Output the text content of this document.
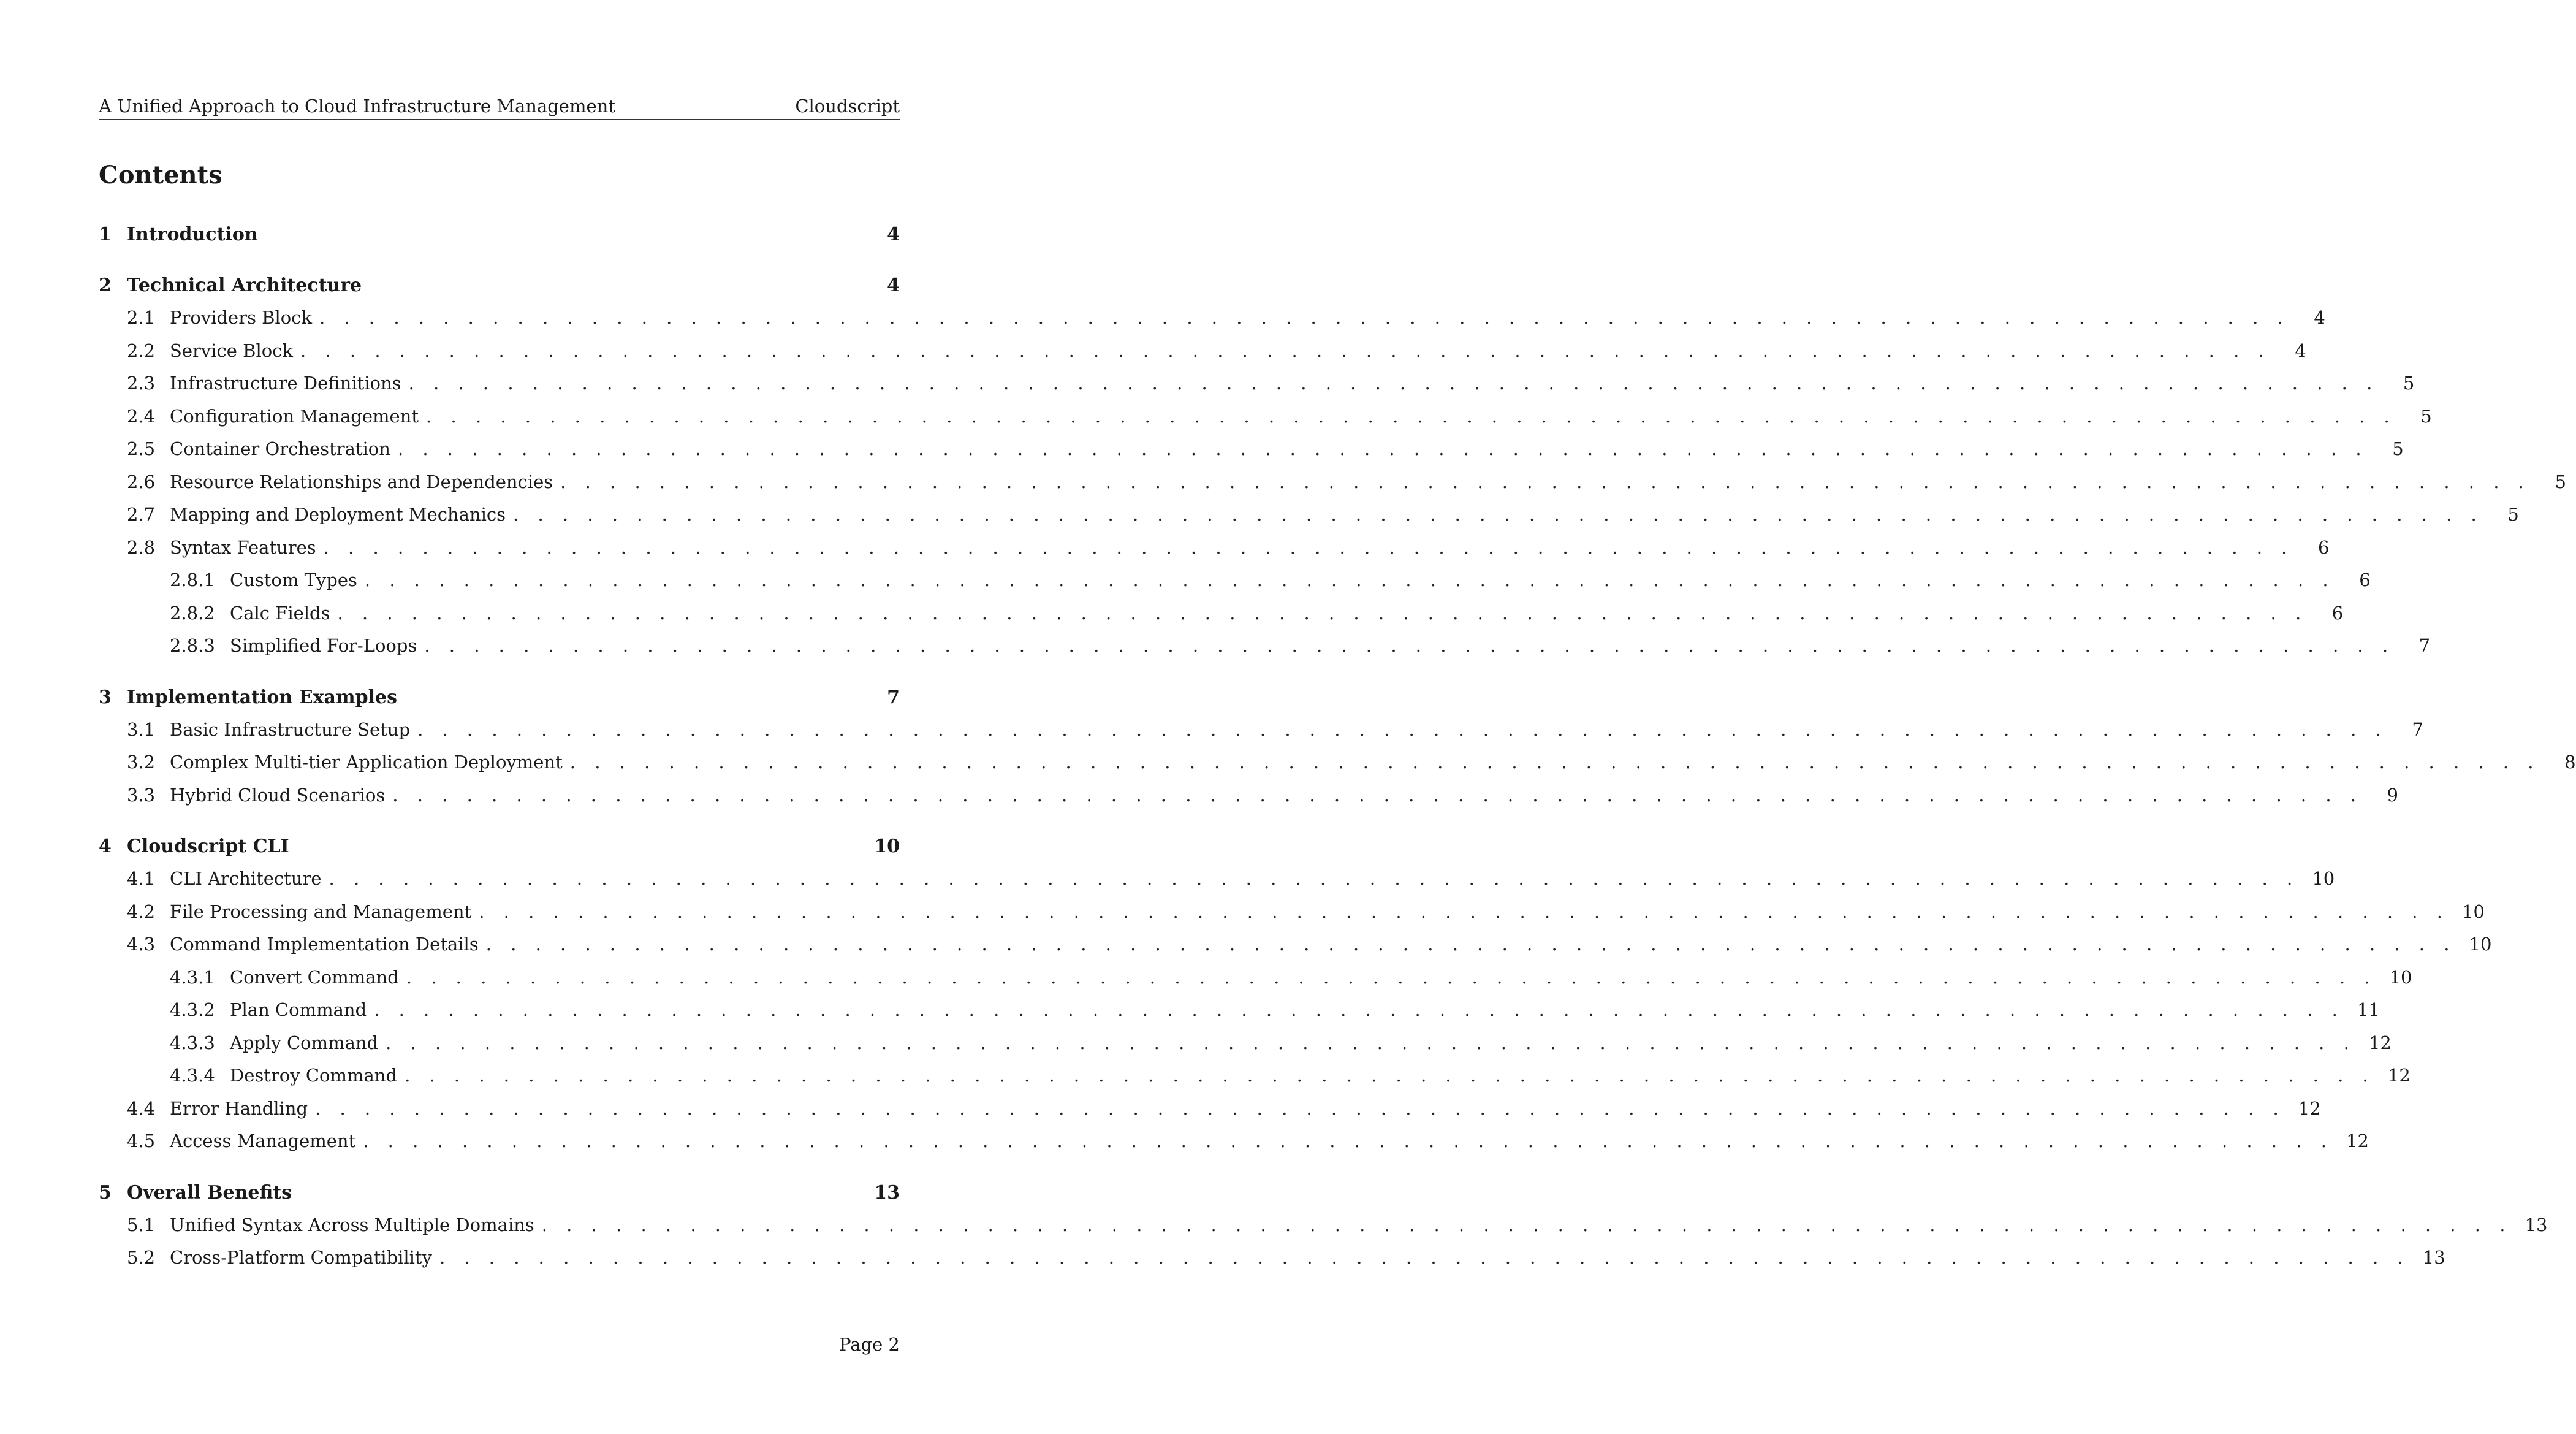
A Unified Approach to Cloud Infrastructure Management	Cloudscript
Contents
1 Introduction	4
2 Technical Architecture	4
2.1 Providers Block . . . . . . . . . . . . . . . . . . . . . . . . . . . . . . . . . . . . . . . . . . . . . . . . . . . . . . . . . . . . . . . . . . . . . . . . . . . . . . . .	4
2.2 Service Block . . . . . . . . . . . . . . . . . . . . . . . . . . . . . . . . . . . . . . . . . . . . . . . . . . . . . . . . . . . . . . . . . . . . . . . . . . . . . . . .	4
2.3 Infrastructure Definitions . . . . . . . . . . . . . . . . . . . . . . . . . . . . . . . . . . . . . . . . . . . . . . . . . . . . . . . . . . . . . . . . . . . . . . . . . . . . . . . .	5
2.4 Configuration Management . . . . . . . . . . . . . . . . . . . . . . . . . . . . . . . . . . . . . . . . . . . . . . . . . . . . . . . . . . . . . . . . . . . . . . . . . . . . . . . .	5
2.5 Container Orchestration . . . . . . . . . . . . . . . . . . . . . . . . . . . . . . . . . . . . . . . . . . . . . . . . . . . . . . . . . . . . . . . . . . . . . . . . . . . . . . . .	5
2.6 Resource Relationships and Dependencies . . . . . . . . . . . . . . . . . . . . . . . . . . . . . . . . . . . . . . . . . . . . . . . . . . . . . . . . . . . . . . . . . . . . . . . . . . . . . . . .	5
2.7 Mapping and Deployment Mechanics . . . . . . . . . . . . . . . . . . . . . . . . . . . . . . . . . . . . . . . . . . . . . . . . . . . . . . . . . . . . . . . . . . . . . . . . . . . . . . . .	5
2.8 Syntax Features . . . . . . . . . . . . . . . . . . . . . . . . . . . . . . . . . . . . . . . . . . . . . . . . . . . . . . . . . . . . . . . . . . . . . . . . . . . . . . . .	6
2.8.1 Custom Types . . . . . . . . . . . . . . . . . . . . . . . . . . . . . . . . . . . . . . . . . . . . . . . . . . . . . . . . . . . . . . . . . . . . . . . . . . . . . . . .	6
2.8.2 Calc Fields . . . . . . . . . . . . . . . . . . . . . . . . . . . . . . . . . . . . . . . . . . . . . . . . . . . . . . . . . . . . . . . . . . . . . . . . . . . . . . . .	6
2.8.3 Simplified For-Loops . . . . . . . . . . . . . . . . . . . . . . . . . . . . . . . . . . . . . . . . . . . . . . . . . . . . . . . . . . . . . . . . . . . . . . . . . . . . . . . .	7
3 Implementation Examples	7
3.1 Basic Infrastructure Setup . . . . . . . . . . . . . . . . . . . . . . . . . . . . . . . . . . . . . . . . . . . . . . . . . . . . . . . . . . . . . . . . . . . . . . . . . . . . . . . .	7
3.2 Complex Multi-tier Application Deployment . . . . . . . . . . . . . . . . . . . . . . . . . . . . . . . . . . . . . . . . . . . . . . . . . . . . . . . . . . . . . . . . . . . . . . . . . . . . . . . .	8
3.3 Hybrid Cloud Scenarios . . . . . . . . . . . . . . . . . . . . . . . . . . . . . . . . . . . . . . . . . . . . . . . . . . . . . . . . . . . . . . . . . . . . . . . . . . . . . . . .	9
4 Cloudscript CLI	10
4.1 CLI Architecture . . . . . . . . . . . . . . . . . . . . . . . . . . . . . . . . . . . . . . . . . . . . . . . . . . . . . . . . . . . . . . . . . . . . . . . . . . . . . . . . 10
4.2 File Processing and Management . . . . . . . . . . . . . . . . . . . . . . . . . . . . . . . . . . . . . . . . . . . . . . . . . . . . . . . . . . . . . . . . . . . . . . . . . . . . . . . . 10
4.3 Command Implementation Details . . . . . . . . . . . . . . . . . . . . . . . . . . . . . . . . . . . . . . . . . . . . . . . . . . . . . . . . . . . . . . . . . . . . . . . . . . . . . . . . 10
4.3.1 Convert Command . . . . . . . . . . . . . . . . . . . . . . . . . . . . . . . . . . . . . . . . . . . . . . . . . . . . . . . . . . . . . . . . . . . . . . . . . . . . . . . . 10
4.3.2 Plan Command . . . . . . . . . . . . . . . . . . . . . . . . . . . . . . . . . . . . . . . . . . . . . . . . . . . . . . . . . . . . . . . . . . . . . . . . . . . . . . . . 11
4.3.3 Apply Command . . . . . . . . . . . . . . . . . . . . . . . . . . . . . . . . . . . . . . . . . . . . . . . . . . . . . . . . . . . . . . . . . . . . . . . . . . . . . . . . 12
4.3.4 Destroy Command . . . . . . . . . . . . . . . . . . . . . . . . . . . . . . . . . . . . . . . . . . . . . . . . . . . . . . . . . . . . . . . . . . . . . . . . . . . . . . . . 12
4.4 Error Handling . . . . . . . . . . . . . . . . . . . . . . . . . . . . . . . . . . . . . . . . . . . . . . . . . . . . . . . . . . . . . . . . . . . . . . . . . . . . . . . . 12
4.5 Access Management . . . . . . . . . . . . . . . . . . . . . . . . . . . . . . . . . . . . . . . . . . . . . . . . . . . . . . . . . . . . . . . . . . . . . . . . . . . . . . . . 12
5 Overall Benefits	13
5.1 Unified Syntax Across Multiple Domains . . . . . . . . . . . . . . . . . . . . . . . . . . . . . . . . . . . . . . . . . . . . . . . . . . . . . . . . . . . . . . . . . . . . . . . . . . . . . . . . 13
5.2 Cross-Platform Compatibility . . . . . . . . . . . . . . . . . . . . . . . . . . . . . . . . . . . . . . . . . . . . . . . . . . . . . . . . . . . . . . . . . . . . . . . . . . . . . . . . 13
Page 2
